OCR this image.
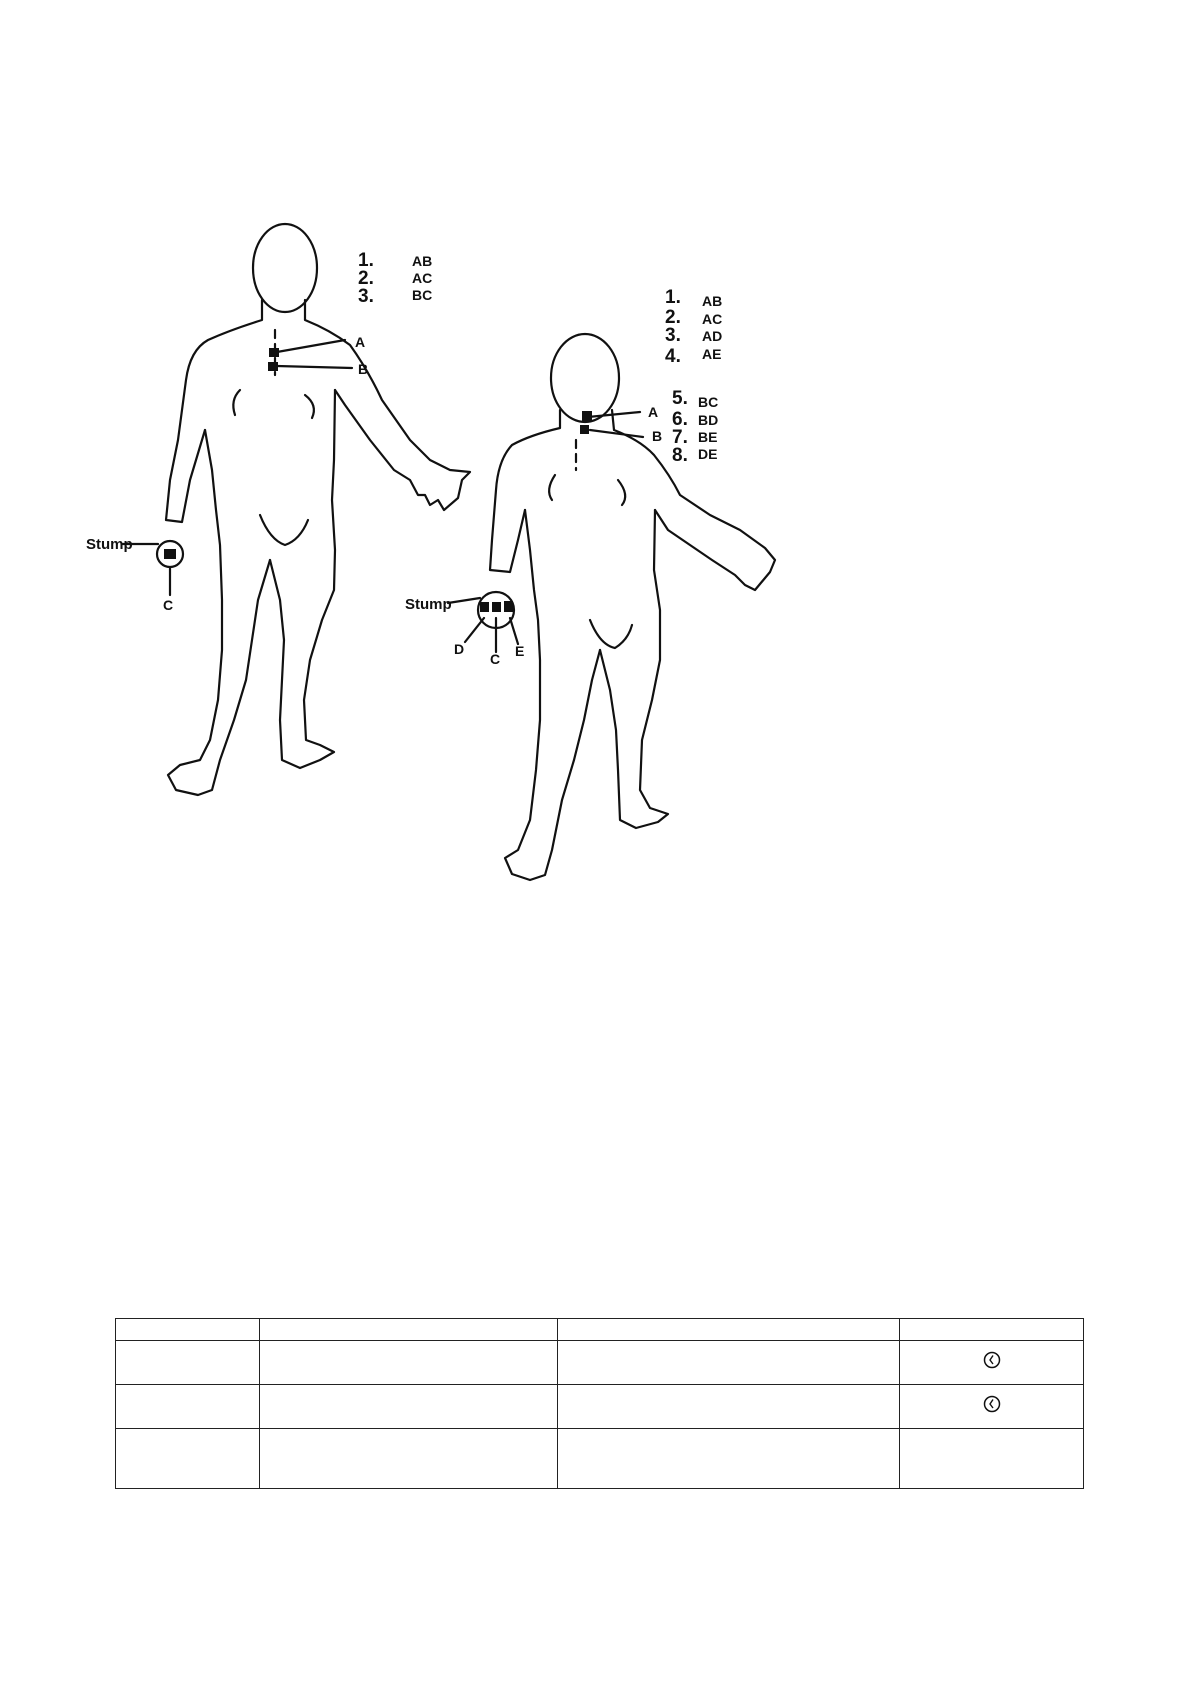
1.	AB
2.	AC
3.	BC
A
B
Stump
C
1. AB
2. AC
3. AD
4. AE
5. BC
6. BD
7. BE
8. DE
A
B
Stump
D
C E
